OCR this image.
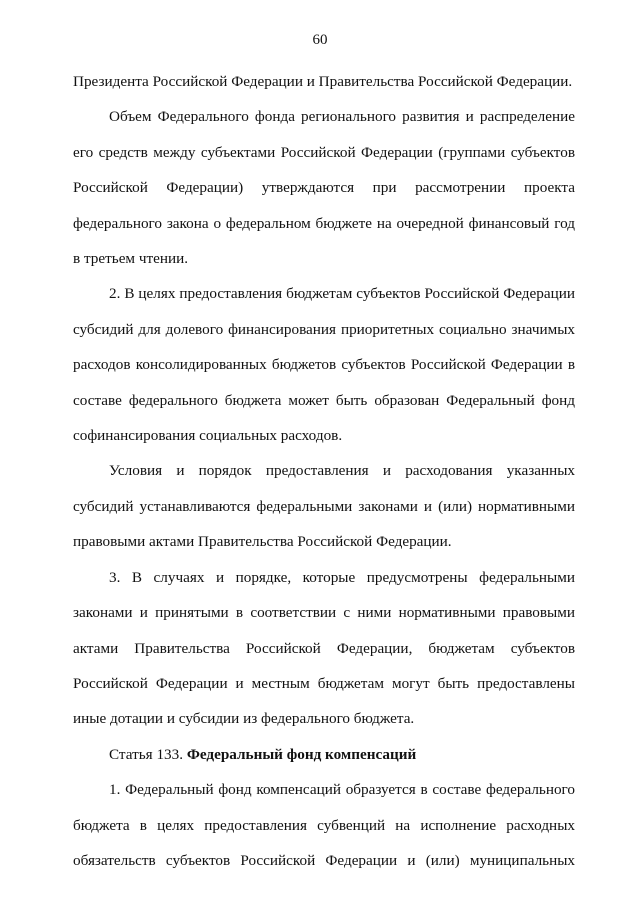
60

Президента Российской Федерации и Правительства Российской Федерации.

Объем Федерального фонда регионального развития и распределение его средств между субъектами Российской Федерации (группами субъектов Российской Федерации) утверждаются при рассмотрении проекта федерального закона о федеральном бюджете на очередной финансовый год в третьем чтении.

2. В целях предоставления бюджетам субъектов Российской Федерации субсидий для долевого финансирования приоритетных социально значимых расходов консолидированных бюджетов субъектов Российской Федерации в составе федерального бюджета может быть образован Федеральный фонд софинансирования социальных расходов.

Условия и порядок предоставления и расходования указанных субсидий устанавливаются федеральными законами и (или) нормативными правовыми актами Правительства Российской Федерации.

3. В случаях и порядке, которые предусмотрены федеральными законами и принятыми в соответствии с ними нормативными правовыми актами Правительства Российской Федерации, бюджетам субъектов Российской Федерации и местным бюджетам могут быть предоставлены иные дотации и субсидии из федерального бюджета.

Статья 133. Федеральный фонд компенсаций

1. Федеральный фонд компенсаций образуется в составе федерального бюджета в целях предоставления субвенций на исполнение расходных обязательств субъектов Российской Федерации и (или) муниципальных
